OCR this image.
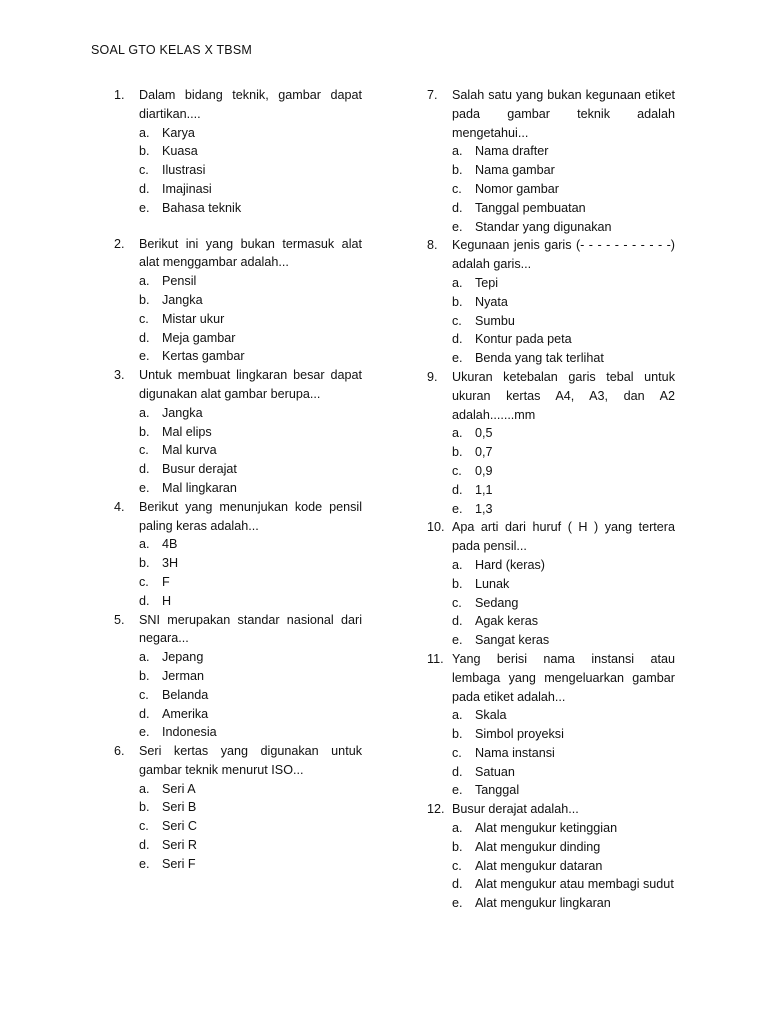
SOAL GTO KELAS X TBSM
1. Dalam bidang teknik, gambar dapat diartikan....
a. Karya
b. Kuasa
c. Ilustrasi
d. Imajinasi
e. Bahasa teknik
2. Berikut ini yang bukan termasuk alat alat menggambar adalah...
a. Pensil
b. Jangka
c. Mistar ukur
d. Meja gambar
e. Kertas gambar
3. Untuk membuat lingkaran besar dapat digunakan alat gambar berupa...
a. Jangka
b. Mal elips
c. Mal kurva
d. Busur derajat
e. Mal lingkaran
4. Berikut yang menunjukan kode pensil paling keras adalah...
a. 4B
b. 3H
c. F
d. H
5. SNI merupakan standar nasional dari negara...
a. Jepang
b. Jerman
c. Belanda
d. Amerika
e. Indonesia
6. Seri kertas yang digunakan untuk gambar teknik menurut ISO...
a. Seri A
b. Seri B
c. Seri C
d. Seri R
e. Seri F
7. Salah satu yang bukan kegunaan etiket pada gambar teknik adalah mengetahui...
a. Nama drafter
b. Nama gambar
c. Nomor gambar
d. Tanggal pembuatan
e. Standar yang digunakan
8. Kegunaan jenis garis (- - - - - - - - - - -) adalah garis...
a. Tepi
b. Nyata
c. Sumbu
d. Kontur pada peta
e. Benda yang tak terlihat
9. Ukuran ketebalan garis tebal untuk ukuran kertas A4, A3, dan A2 adalah.......mm
a. 0,5
b. 0,7
c. 0,9
d. 1,1
e. 1,3
10. Apa arti dari huruf ( H ) yang tertera pada pensil...
a. Hard (keras)
b. Lunak
c. Sedang
d. Agak keras
e. Sangat keras
11. Yang berisi nama instansi atau lembaga yang mengeluarkan gambar pada etiket adalah...
a. Skala
b. Simbol proyeksi
c. Nama instansi
d. Satuan
e. Tanggal
12. Busur derajat adalah...
a. Alat mengukur ketinggian
b. Alat mengukur dinding
c. Alat mengukur dataran
d. Alat mengukur atau membagi sudut
e. Alat mengukur lingkaran
